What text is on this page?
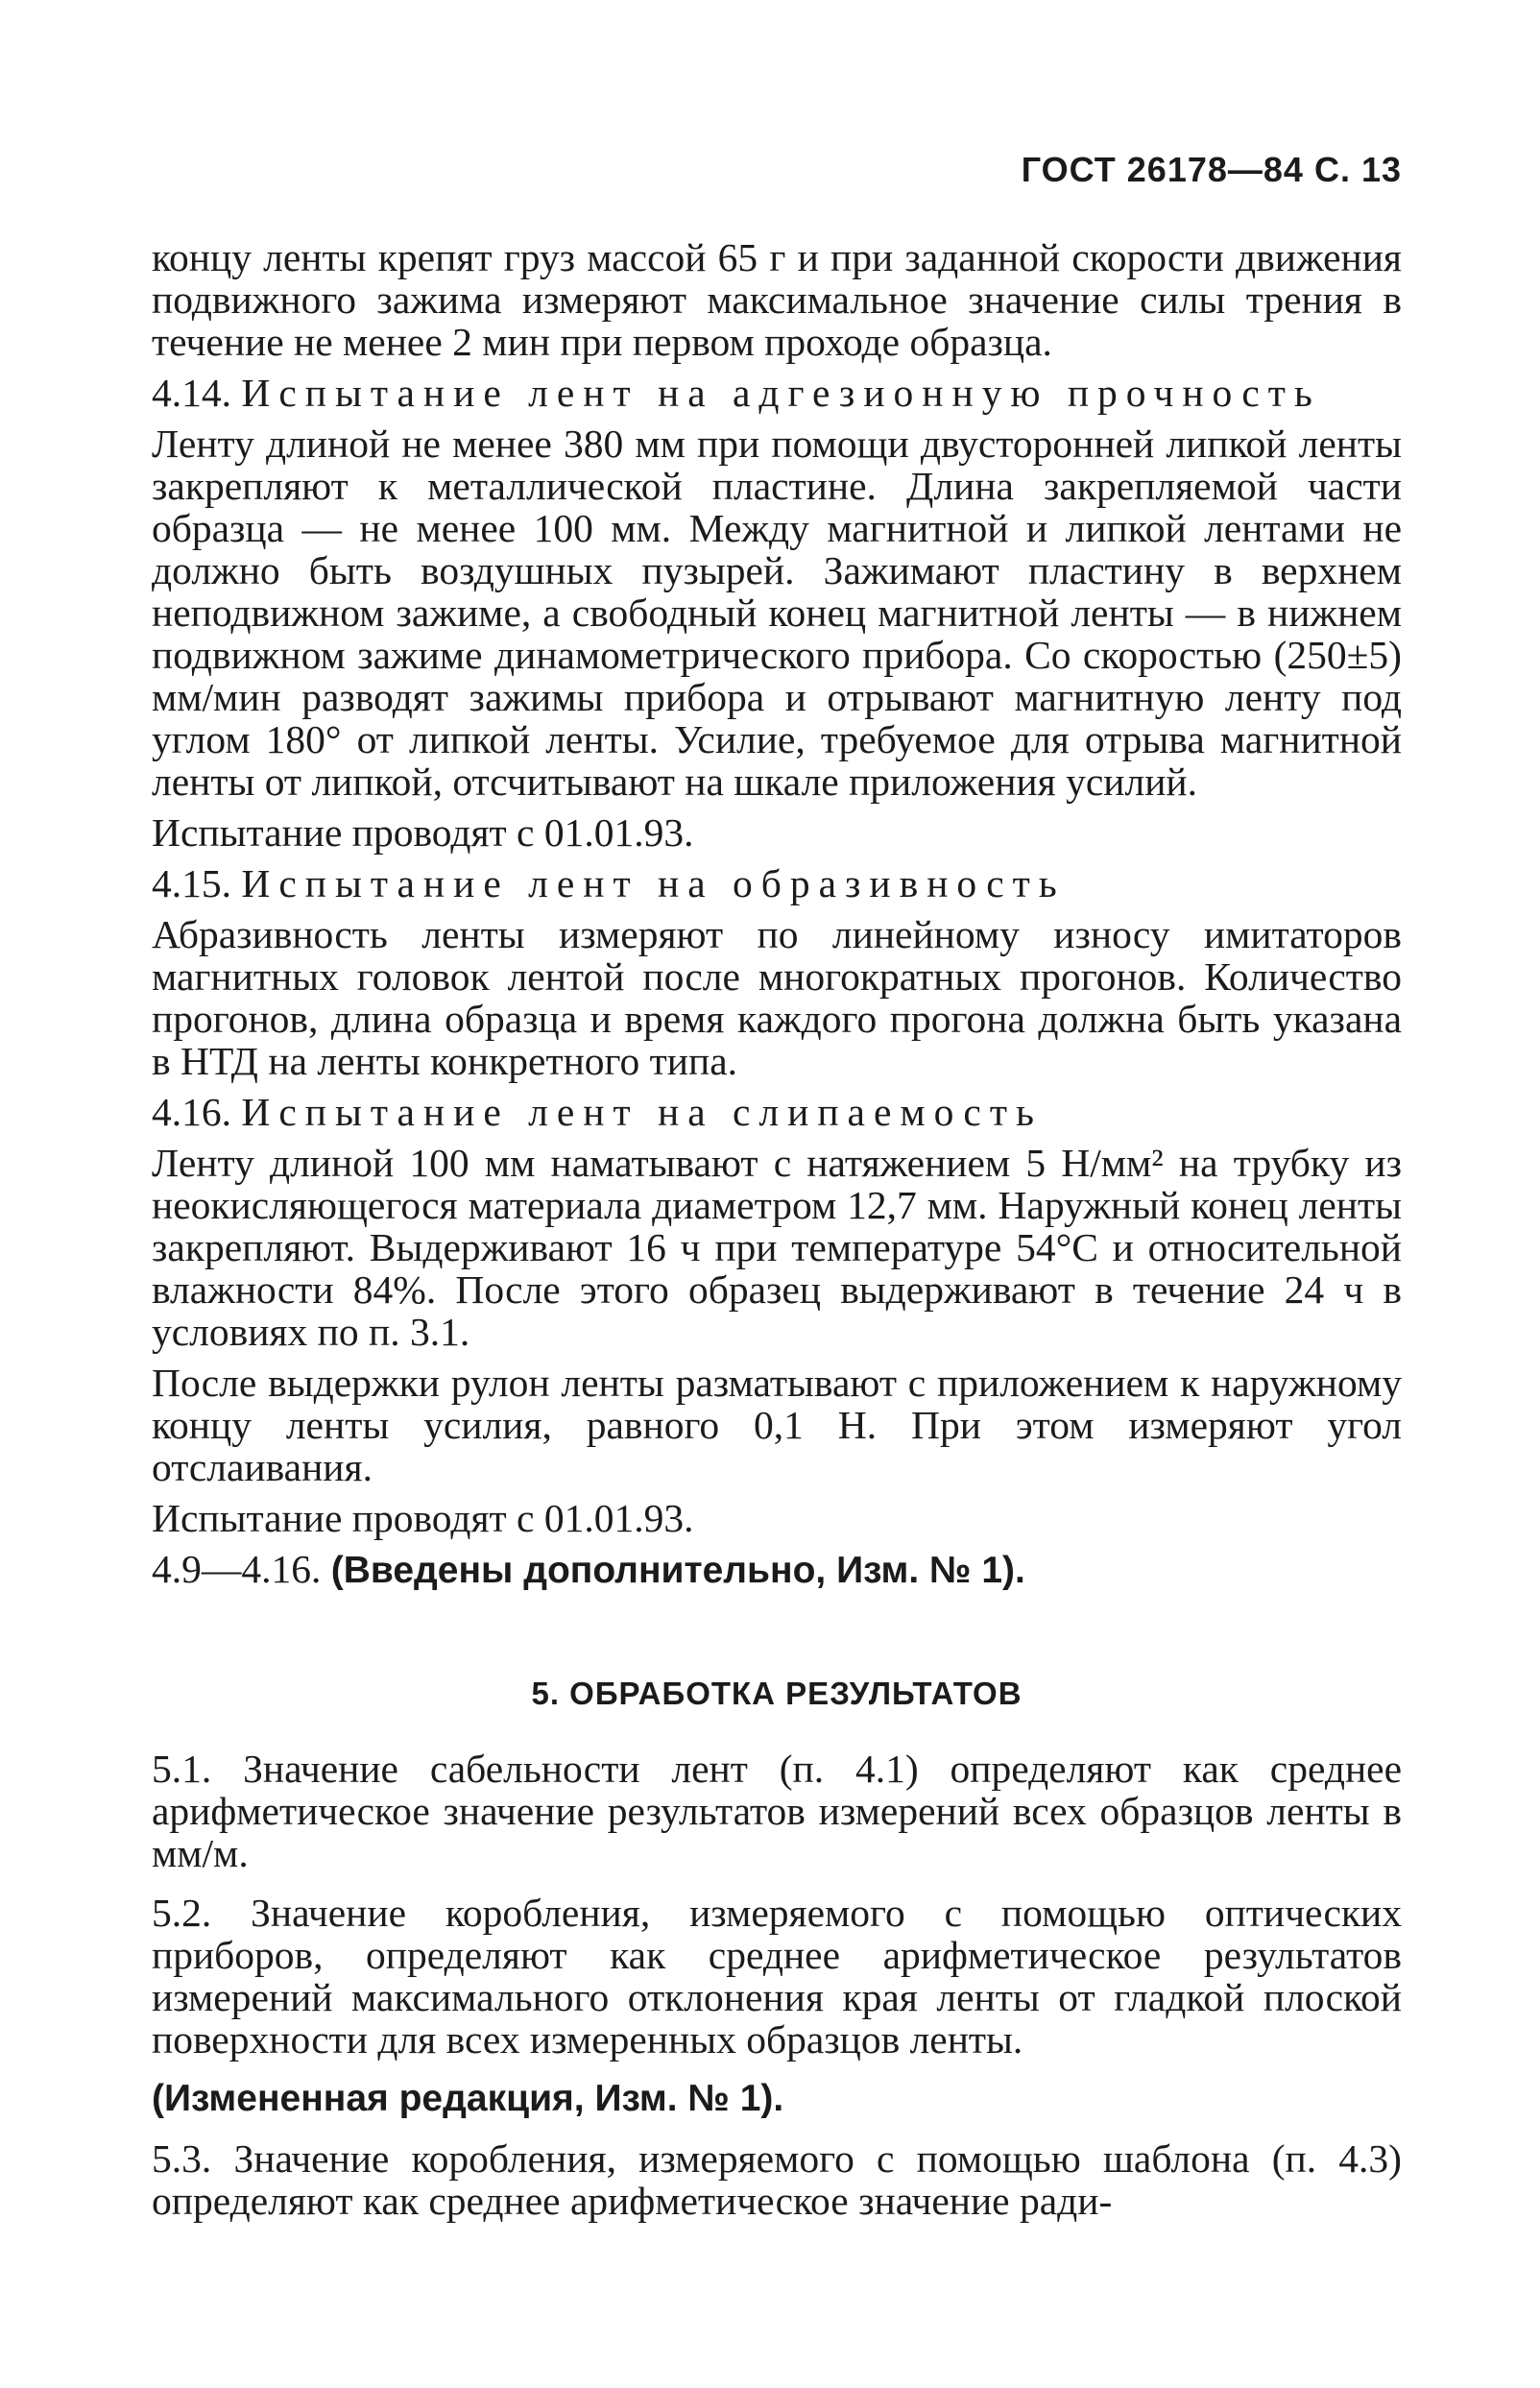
ГОСТ 26178—84 С. 13

концу ленты крепят груз массой 65 г и при заданной скорости движения подвижного зажима измеряют максимальное значение силы трения в течение не менее 2 мин при первом проходе образца.

4.14. Испытание лент на адгезионную прочность

Ленту длиной не менее 380 мм при помощи двусторонней липкой ленты закрепляют к металлической пластине. Длина закрепляемой части образца — не менее 100 мм. Между магнитной и липкой лентами не должно быть воздушных пузырей. Зажимают пластину в верхнем неподвижном зажиме, а свободный конец магнитной ленты — в нижнем подвижном зажиме динамометрического прибора. Со скоростью (250±5) мм/мин разводят зажимы прибора и отрывают магнитную ленту под углом 180° от липкой ленты. Усилие, требуемое для отрыва магнитной ленты от липкой, отсчитывают на шкале приложения усилий.

Испытание проводят с 01.01.93.

4.15. Испытание лент на образивность

Абразивность ленты измеряют по линейному износу имитаторов магнитных головок лентой после многократных прогонов. Количество прогонов, длина образца и время каждого прогона должна быть указана в НТД на ленты конкретного типа.

4.16. Испытание лент на слипаемость

Ленту длиной 100 мм наматывают с натяжением 5 Н/мм² на трубку из неокисляющегося материала диаметром 12,7 мм. Наружный конец ленты закрепляют. Выдерживают 16 ч при температуре 54°С и относительной влажности 84%. После этого образец выдерживают в течение 24 ч в условиях по п. 3.1.

После выдержки рулон ленты разматывают с приложением к наружному концу ленты усилия, равного 0,1 Н. При этом измеряют угол отслаивания.

Испытание проводят с 01.01.93.

4.9—4.16. (Введены дополнительно, Изм. № 1).

5. ОБРАБОТКА РЕЗУЛЬТАТОВ

5.1. Значение сабельности лент (п. 4.1) определяют как среднее арифметическое значение результатов измерений всех образцов ленты в мм/м.

5.2. Значение коробления, измеряемого с помощью оптических приборов, определяют как среднее арифметическое результатов измерений максимального отклонения края ленты от гладкой плоской поверхности для всех измеренных образцов ленты.

(Измененная редакция, Изм. № 1).

5.3. Значение коробления, измеряемого с помощью шаблона (п. 4.3) определяют как среднее арифметическое значение ради-
